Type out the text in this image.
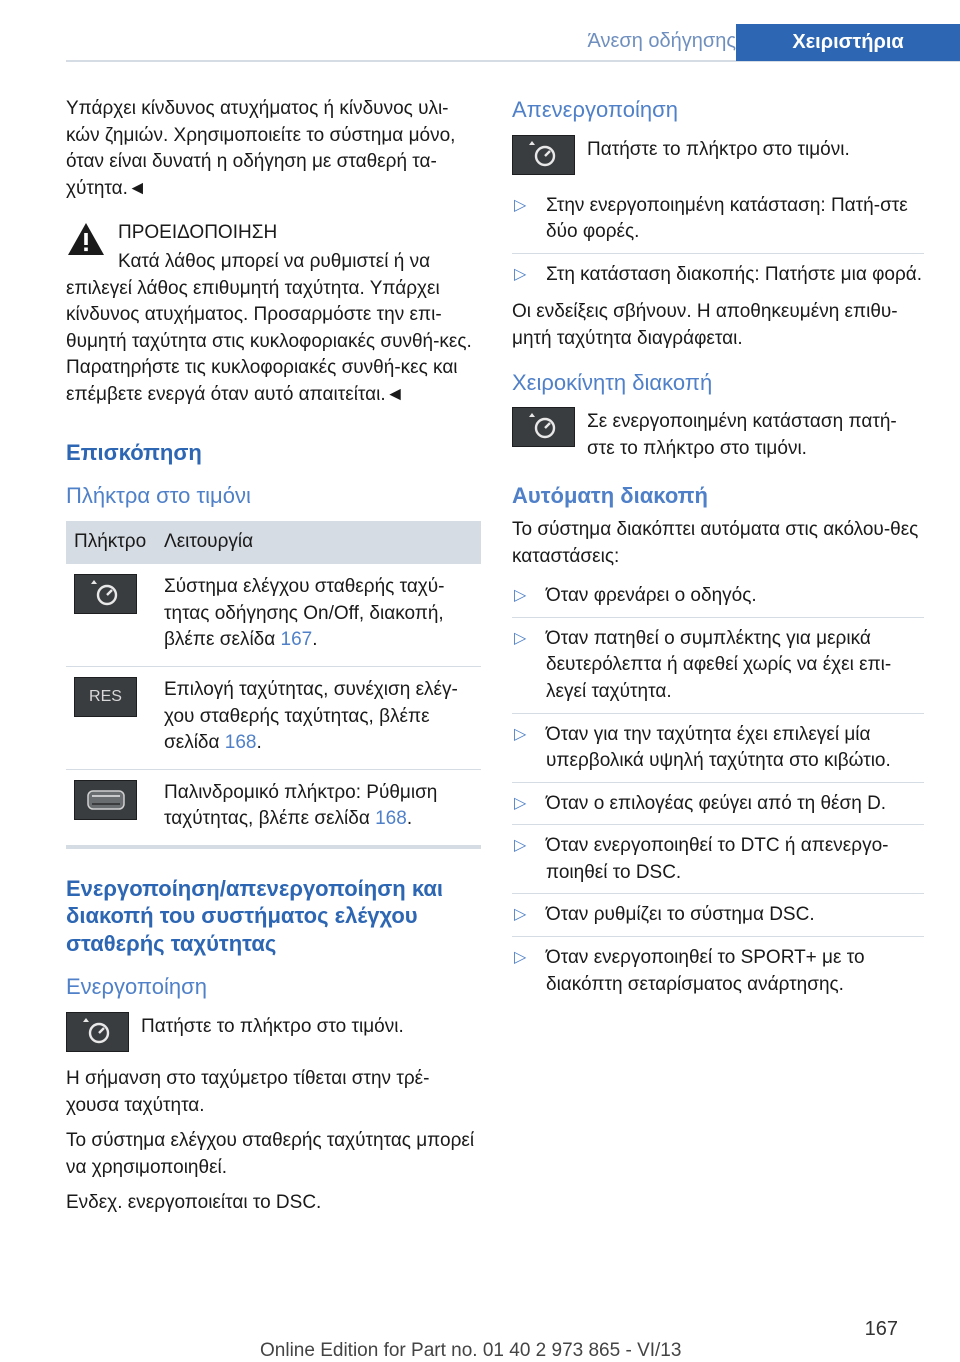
Άνεση οδήγησης	Χειριστήρια

Υπάρχει κίνδυνος ατυχήματος ή κίνδυνος υλι-κών ζημιών. Χρησιμοποιείτε το σύστημα μόνο, όταν είναι δυνατή η οδήγηση με σταθερή τα-χύτητα.◄

ΠΡΟΕΙΔΟΠΟΙΗΣΗ

Κατά λάθος μπορεί να ρυθμιστεί ή να

επιλεγεί λάθος επιθυμητή ταχύτητα. Υπάρχει κίνδυνος ατυχήματος. Προσαρμόστε την επι-θυμητή ταχύτητα στις κυκλοφοριακές συνθή-κες. Παρατηρήστε τις κυκλοφοριακές συνθή-κες και επέμβετε ενεργά όταν αυτό απαιτείται.◄

Επισκόπηση
Πλήκτρα στο τιμόνι
Πλήκτρο	Λειτουργία

	Σύστημα ελέγχου σταθερής ταχύ-τητας οδήγησης On/Off, διακοπή, βλέπε σελίδα 167.

RES	Επιλογή ταχύτητας, συνέχιση ελέγ-χου σταθερής ταχύτητας, βλέπε σελίδα 168.

	Παλινδρομικό πλήκτρο: Ρύθμιση ταχύτητας, βλέπε σελίδα 168.
Ενεργοποίηση/απενεργοποίηση και διακοπή του συστήματος ελέγχου σταθερής ταχύτητας
Ενεργοποίηση
Πατήστε το πλήκτρο στο τιμόνι.

Η σήμανση στο ταχύμετρο τίθεται στην τρέ-χουσα ταχύτητα.

Το σύστημα ελέγχου σταθερής ταχύτητας μπορεί να χρησιμοποιηθεί.

Ενδεχ. ενεργοποιείται το DSC.

Απενεργοποίηση
Πατήστε το πλήκτρο στο τιμόνι.
▷ Στην ενεργοποιημένη κατάσταση: Πατή-στε δύο φορές.
▷ Στη κατάσταση διακοπής: Πατήστε μια φορά.

Οι ενδείξεις σβήνουν. Η αποθηκευμένη επιθυ-μητή ταχύτητα διαγράφεται.

Χειροκίνητη διακοπή
Σε ενεργοποιημένη κατάσταση πατή-στε το πλήκτρο στο τιμόνι.
Αυτόματη διακοπή

Το σύστημα διακόπτει αυτόματα στις ακόλου-θες καταστάσεις:

▷ Όταν φρενάρει ο οδηγός.
▷ Όταν πατηθεί ο συμπλέκτης για μερικά δευτερόλεπτα ή αφεθεί χωρίς να έχει επι-λεγεί ταχύτητα.
▷ Όταν για την ταχύτητα έχει επιλεγεί μία υπερβολικά υψηλή ταχύτητα στο κιβώτιο.
▷ Όταν ο επιλογέας φεύγει από τη θέση D.
▷ Όταν ενεργοποιηθεί το DTC ή απενεργο-ποιηθεί το DSC.
▷ Όταν ρυθμίζει το σύστημα DSC.
▷ Όταν ενεργοποιηθεί το SPORT+ με το διακόπτη σεταρίσματος ανάρτησης.
167
Online Edition for Part no. 01 40 2 973 865 - VI/13
